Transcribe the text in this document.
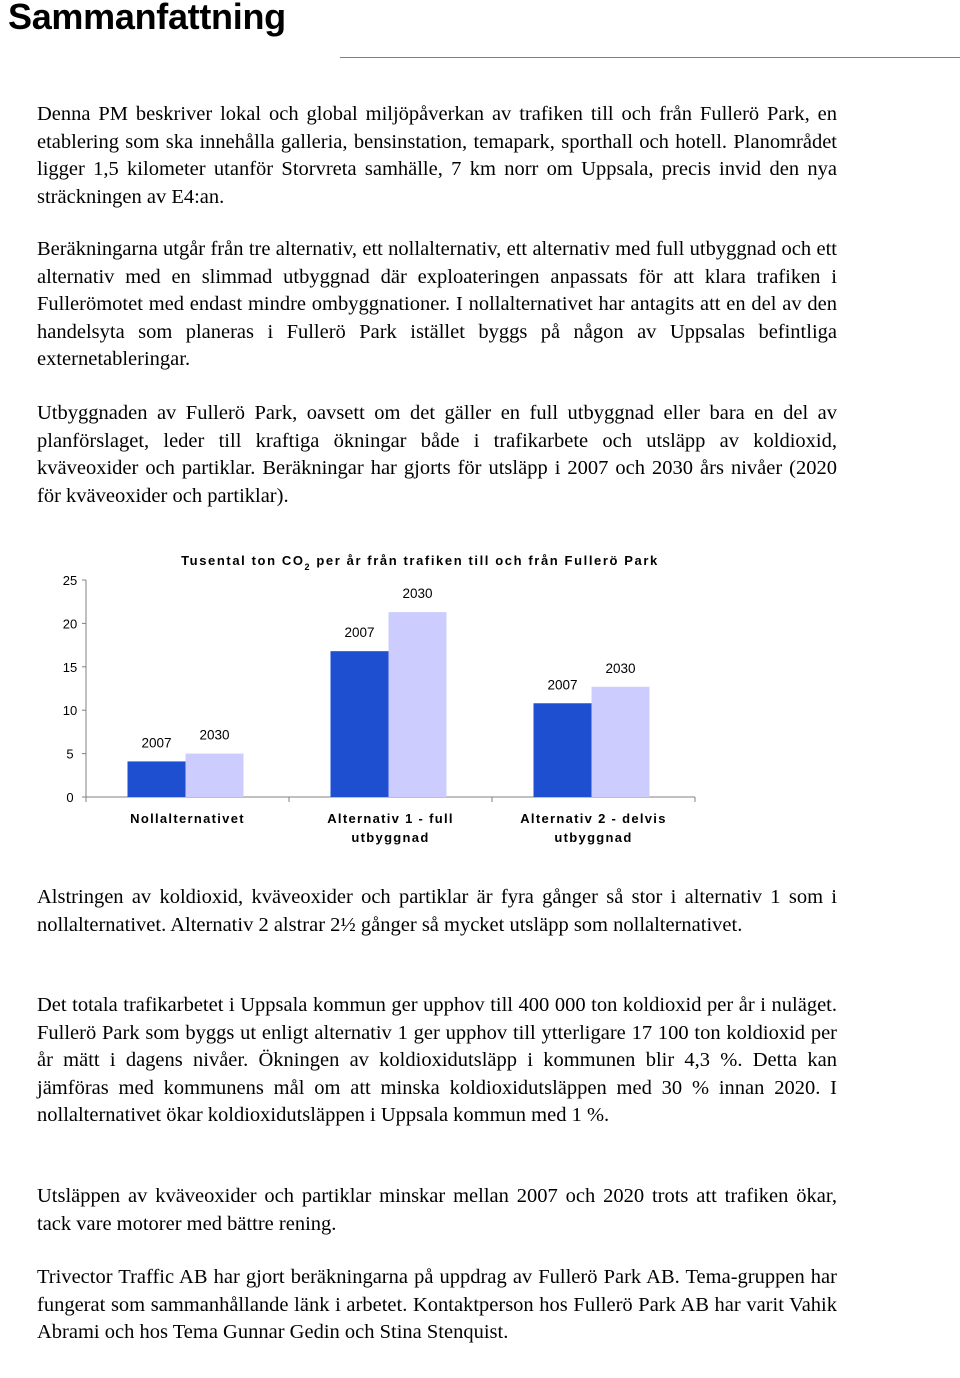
Sammanfattning

Denna PM beskriver lokal och global miljöpåverkan av trafiken till och från Fullerö Park, en etablering som ska innehålla galleria, bensinstation, temapark, sporthall och hotell. Planområdet ligger 1,5 kilometer utanför Storvreta samhälle, 7 km norr om Uppsala, precis invid den nya sträckningen av E4:an.

Beräkningarna utgår från tre alternativ, ett nollalternativ, ett alternativ med full utbyggnad och ett alternativ med en slimmad utbyggnad där exploateringen anpassats för att klara trafiken i Fullerömotet med endast mindre ombyggnationer. I nollalternativet har antagits att en del av den handelsyta som planeras i Fullerö Park istället byggs på någon av Uppsalas befintliga externetableringar.

Utbyggnaden av Fullerö Park, oavsett om det gäller en full utbyggnad eller bara en del av planförslaget, leder till kraftiga ökningar både i trafikarbete och utsläpp av koldioxid, kväveoxider och partiklar. Beräkningar har gjorts för utsläpp i 2007 och 2030 års nivåer (2020 för kväveoxider och partiklar).

0
5
10
15
20
25
2007
2030
Nollalternativet
2007
2030
Alternativ 1 - full
utbyggnad
2007
2030
Alternativ 2 - delvis
utbyggnad
Tusental ton $CO_2$ per år från trafiken till och från Fullerö Park

Alstringen av koldioxid, kväveoxider och partiklar är fyra gånger så stor i alternativ 1 som i nollalternativet. Alternativ 2 alstrar 2½ gånger så mycket utsläpp som nollalternativet.

Det totala trafikarbetet i Uppsala kommun ger upphov till 400 000 ton koldioxid per år i nuläget. Fullerö Park som byggs ut enligt alternativ 1 ger upphov till ytterligare 17 100 ton koldioxid per år mätt i dagens nivåer. Ökningen av koldioxidutsläpp i kommunen blir 4,3 %. Detta kan jämföras med kommunens mål om att minska koldioxidutsläppen med 30 % innan 2020. I nollalternativet ökar koldioxidutsläppen i Uppsala kommun med 1 %.

Utsläppen av kväveoxider och partiklar minskar mellan 2007 och 2020 trots att trafiken ökar, tack vare motorer med bättre rening.

Trivector Traffic AB har gjort beräkningarna på uppdrag av Fullerö Park AB. Tema-gruppen har fungerat som sammanhållande länk i arbetet. Kontaktperson hos Fullerö Park AB har varit Vahik Abrami och hos Tema Gunnar Gedin och Stina Stenquist.
